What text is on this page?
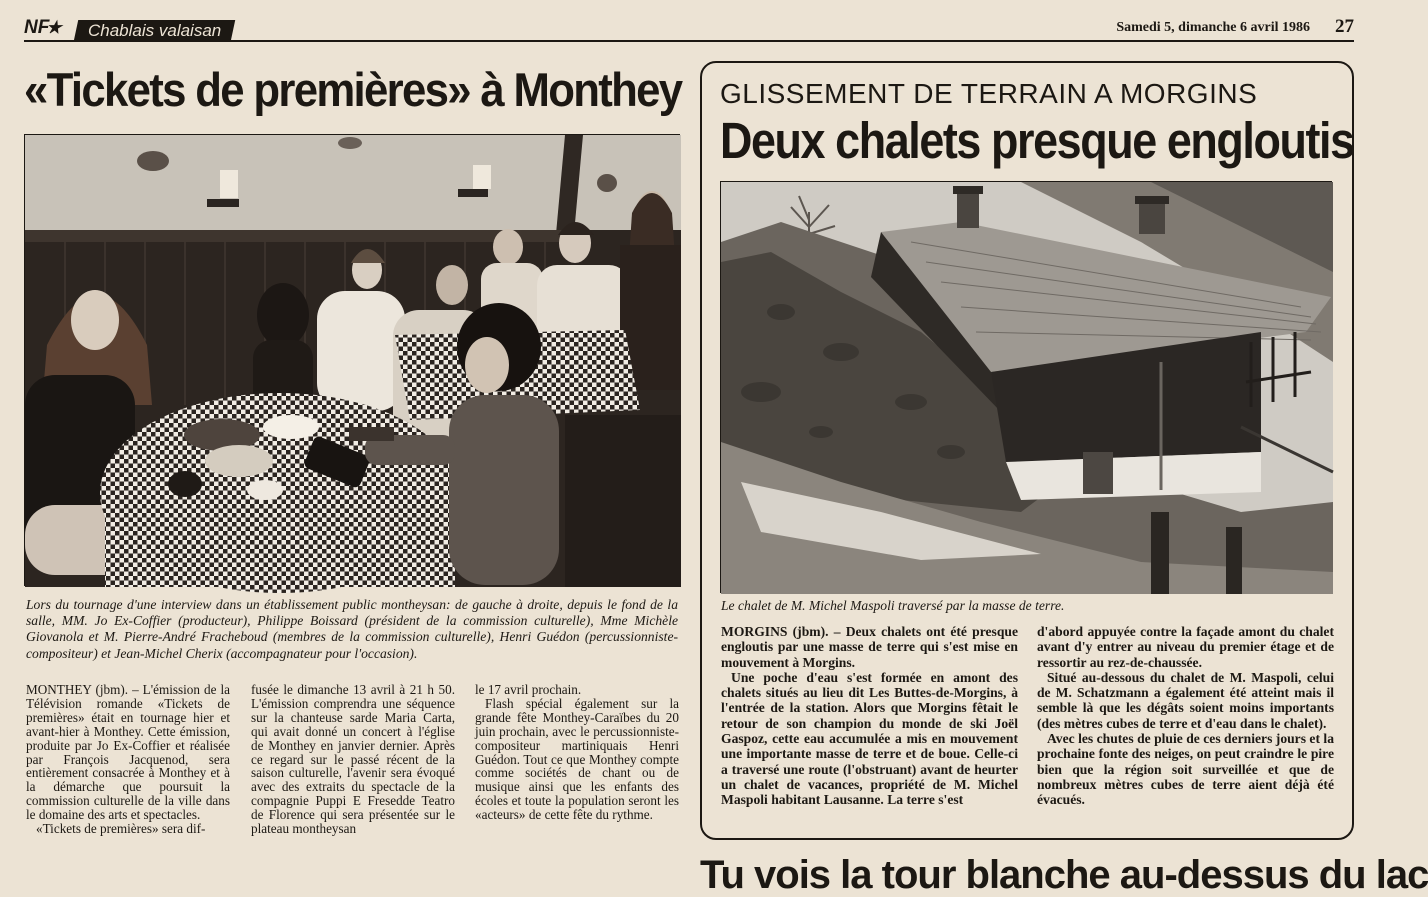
NF★	Chablais valaisan	Samedi 5, dimanche 6 avril 1986 27
«Tickets de premières» à Monthey

Lors du tournage d'une interview dans un établissement public montheysan: de gauche à droite, depuis le fond de la salle, MM. Jo Ex-Coffier (producteur), Philippe Boissard (président de la commission culturelle), Mme Michèle Giovanola et M. Pierre-André Fracheboud (membres de la commission culturelle), Henri Guédon (percussionniste-compositeur) et Jean-Michel Cherix (accompagnateur pour l'occasion).

MONTHEY (jbm). – L'émission de la Télévision romande «Tickets de premières» était en tournage hier et avant-hier à Monthey. Cette émission, produite par Jo Ex-Coffier et réalisée par François Jacquenod, sera entièrement consacrée à Monthey et à la démarche que poursuit la commission culturelle de la ville dans le domaine des arts et spectacles.

«Tickets de premières» sera dif-

fusée le dimanche 13 avril à 21 h 50. L'émission comprendra une séquence sur la chanteuse sarde Maria Carta, qui avait donné un concert à l'église de Monthey en janvier dernier. Après ce regard sur le passé récent de la saison culturelle, l'avenir sera évoqué avec des extraits du spectacle de la compagnie Puppi E Fresedde Teatro de Florence qui sera présentée sur le plateau montheysan

le 17 avril prochain.

Flash spécial également sur la grande fête Monthey-Caraïbes du 20 juin prochain, avec le percussionniste-compositeur martiniquais Henri Guédon. Tout ce que Monthey compte comme sociétés de chant ou de musique ainsi que les enfants des écoles et toute la population seront les «acteurs» de cette fête du rythme.

GLISSEMENT DE TERRAIN A MORGINS
Deux chalets presque engloutis

Le chalet de M. Michel Maspoli traversé par la masse de terre.

MORGINS (jbm). – Deux chalets ont été presque engloutis par une masse de terre qui s'est mise en mouvement à Morgins.

Une poche d'eau s'est formée en amont des chalets situés au lieu dit Les Buttes-de-Morgins, à l'entrée de la station. Alors que Morgins fêtait le retour de son champion du monde de ski Joël Gaspoz, cette eau accumulée a mis en mouvement une importante masse de terre et de boue. Celle-ci a traversé une route (l'obstruant) avant de heurter un chalet de vacances, propriété de M. Michel Maspoli habitant Lausanne. La terre s'est

d'abord appuyée contre la façade amont du chalet avant d'y entrer au niveau du premier étage et de ressortir au rez-de-chaussée.

Situé au-dessous du chalet de M. Maspoli, celui de M. Schatzmann a également été atteint mais il semble là que les dégâts soient moins importants (des mètres cubes de terre et d'eau dans le chalet).

Avec les chutes de pluie de ces derniers jours et la prochaine fonte des neiges, on peut craindre le pire bien que la région soit surveillée et que de nombreux mètres cubes de terre aient déjà été évacués.

Tu vois la tour blanche au-dessus du lac
